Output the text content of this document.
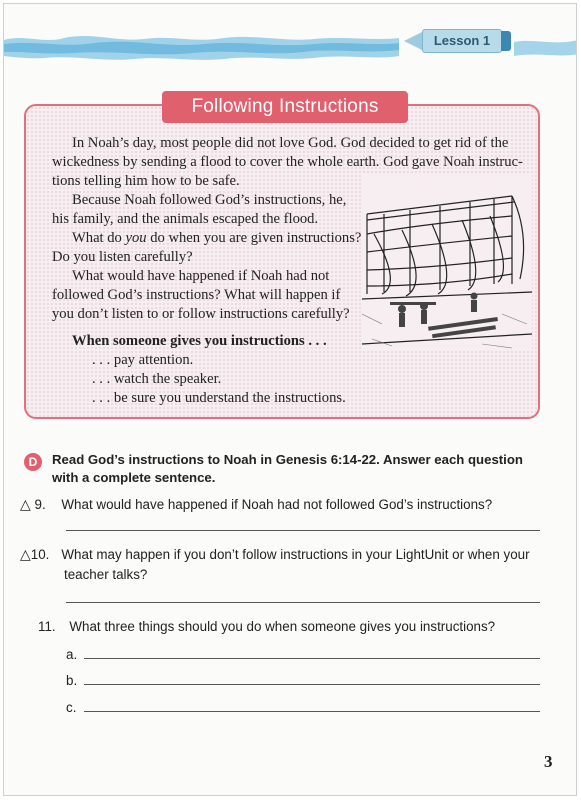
Lesson 1
Following Instructions
In Noah’s day, most people did not love God. God decided to get rid of the
wickedness by sending a flood to cover the whole earth. God gave Noah instruc-
tions telling him how to be safe.
Because Noah followed God’s instructions, he,
his family, and the animals escaped the flood.
What do you do when you are given instructions?
Do you listen carefully?
What would have happened if Noah had not
followed God’s instructions? What will happen if
you don’t listen to or follow instructions carefully?
When someone gives you instructions . . .
. . . pay attention.
. . . watch the speaker.
. . . be sure you understand the instructions.
D	Read God’s instructions to Noah in Genesis 6:14-22. Answer each question
with a complete sentence.
△ 9. What would have happened if Noah had not followed God’s instructions?
△10. What may happen if you don’t follow instructions in your LightUnit or when your
teacher talks?
11. What three things should you do when someone gives you instructions?
a.
b.
c.
3
